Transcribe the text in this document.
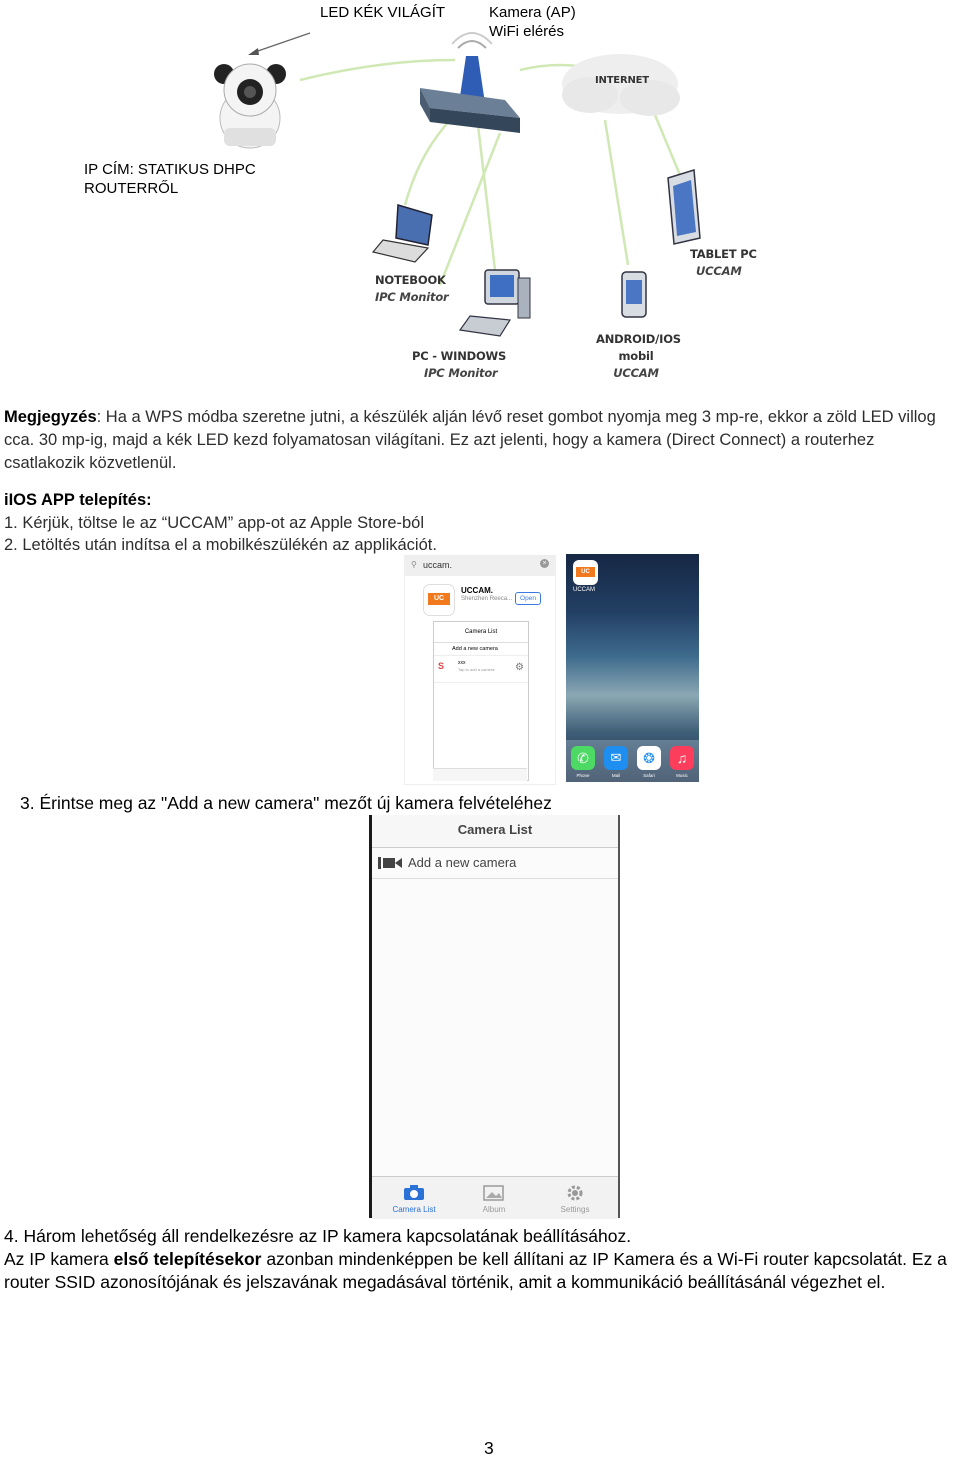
LED KÉK VILÁGÍT	Kamera (AP)
WiFi elérés
IP CÍM: STATIKUS DHPC
ROUTERRŐL
INTERNET
NOTEBOOK
IPC Monitor
PC - WINDOWS
IPC Monitor
ANDROID/IOS
mobil
UCCAM
TABLET PC
UCCAM
Megjegyzés: Ha a WPS módba szeretne jutni, a készülék alján lévő reset gombot nyomja meg 3 mp-re, ekkor a zöld LED villog cca. 30 mp-ig, majd a kék LED kezd folyamatosan világítani. Ez azt jelenti, hogy a kamera (Direct Connect) a routerhez csatlakozik közvetlenül.
iIOS APP telepítés:
1. Kérjük, töltse le az “UCCAM” app-ot az Apple Store-ból
2. Letöltés után indítsa el a mobilkészülékén az applikációt.
⚲ uccam.	×
UC CAM
UCCAM.
Shenzhen Reeca...	Open
Camera List
Add a new camera
S	xxx
Tap to add a camera ⚙
UC CAM
UCCAM
✆	✉	❂	♫
Phone	Mail	Safari	Music
3. Érintse meg az "Add a new camera" mezőt új kamera felvételéhez
Camera List
Add a new camera
Camera List	Album	Settings
4. Három lehetőség áll rendelkezésre az IP kamera kapcsolatának beállításához.
Az IP kamera első telepítésekor azonban mindenképpen be kell állítani az IP Kamera és a Wi-Fi router kapcsolatát. Ez a router SSID azonosítójának és jelszavának megadásával történik, amit a kommunikáció beállításánál végezhet el.
3
